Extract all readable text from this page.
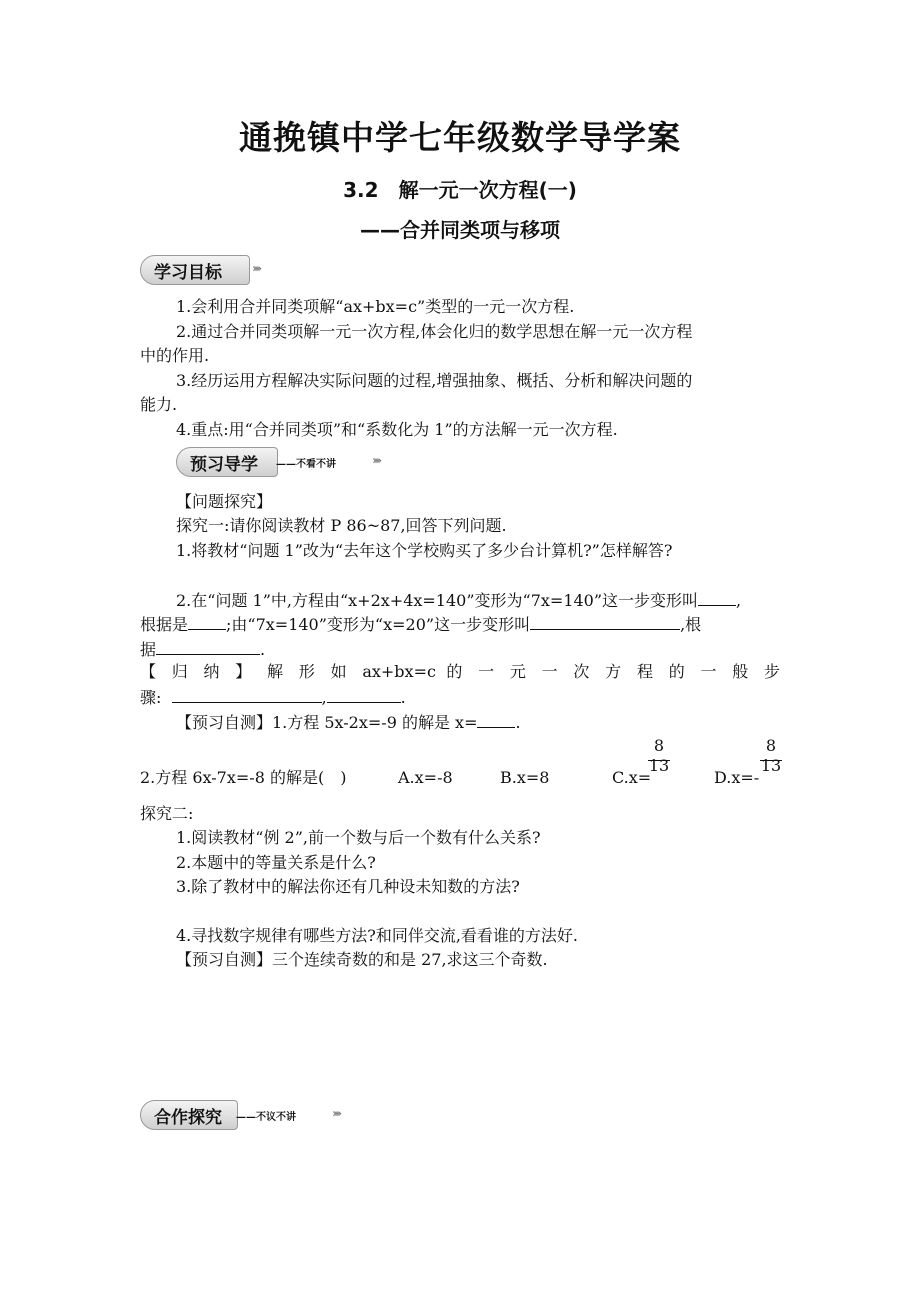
通挽镇中学七年级数学导学案
3.2　解一元一次方程(一)
——合并同类项与移项
学习目标	›››››
1.会利用合并同类项解“ax+bx=c”类型的一元一次方程.
2.通过合并同类项解一元一次方程,体会化归的数学思想在解一元一次方程
中的作用.
3.经历运用方程解决实际问题的过程,增强抽象、概括、分析和解决问题的
能力.
4.重点:用“合并同类项”和“系数化为 1”的方法解一元一次方程.
预习导学 ——不看不讲	›››››
【问题探究】
探究一:请你阅读教材 P 86~87,回答下列问题.
1.将教材“问题 1”改为“去年这个学校购买了多少台计算机?”怎样解答?
2.在“问题 1”中,方程由“x+2x+4x=140”变形为“7x=140”这一步变形叫 ,
根据是 ;由“7x=140”变形为“x=20”这一步变形叫	,根
据	.
【 归 纳 】 解 形 如 ax+bx=c 的 一 元 一 次 方 程 的 一 般 步
骤:	,	.
【预习自测】1.方程 5x-2x=-9 的解是 x= .
2.方程 6x-7x=-8 的解是(　)	A.x=-8	B.x=8	C.x=
8
13
D.x=-
8
13
探究二:
1.阅读教材“例 2”,前一个数与后一个数有什么关系?
2.本题中的等量关系是什么?
3.除了教材中的解法你还有几种设未知数的方法?
4.寻找数字规律有哪些方法?和同伴交流,看看谁的方法好.
【预习自测】三个连续奇数的和是 27,求这三个奇数.
合作探究 ——不议不讲	›››››
